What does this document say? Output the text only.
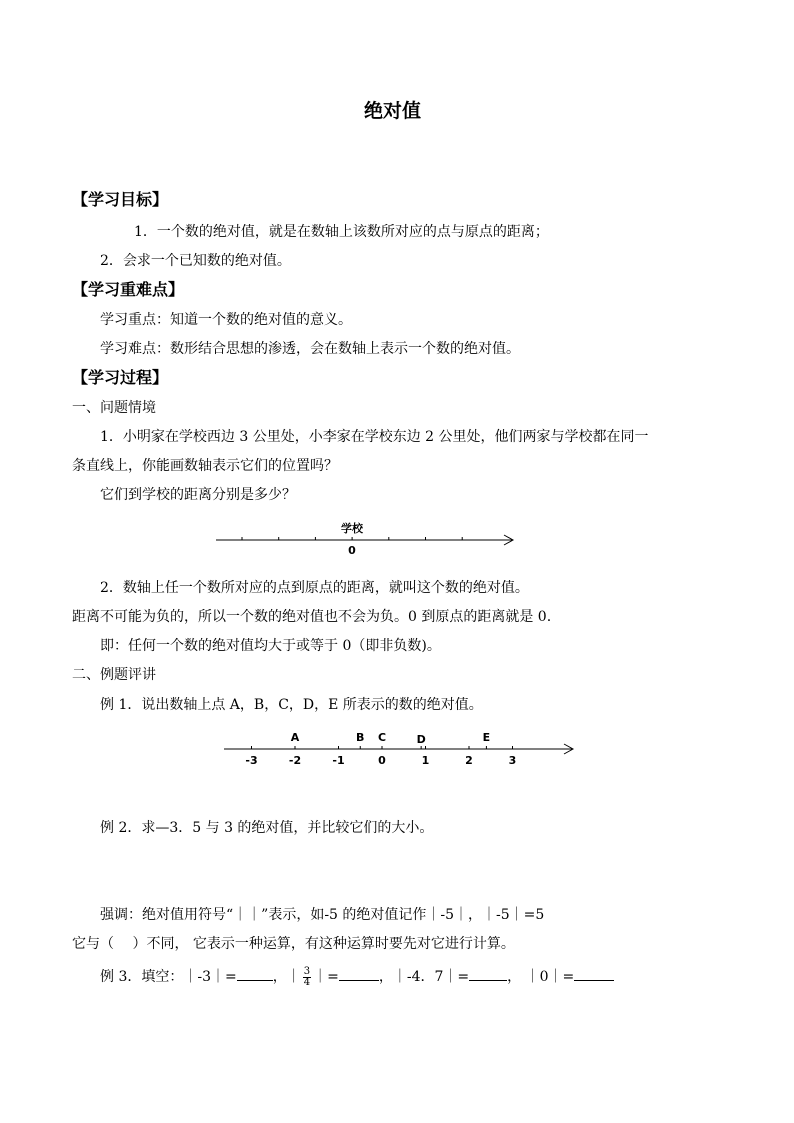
绝对值
【学习目标】
1．一个数的绝对值，就是在数轴上该数所对应的点与原点的距离；
2．会求一个已知数的绝对值。
【学习重难点】
学习重点：知道一个数的绝对值的意义。
学习难点：数形结合思想的渗透，会在数轴上表示一个数的绝对值。
【学习过程】
一、问题情境
1．小明家在学校西边 3 公里处，小李家在学校东边 2 公里处，他们两家与学校都在同一
条直线上，你能画数轴表示它们的位置吗？
它们到学校的距离分别是多少？
学校
0
2．数轴上任一个数所对应的点到原点的距离，就叫这个数的绝对值。
距离不可能为负的，所以一个数的绝对值也不会为负。0 到原点的距离就是 0.
即：任何一个数的绝对值均大于或等于 0（即非负数)。
二、例题评讲
例 1．说出数轴上点 A，B，C，D，E 所表示的数的绝对值。
-3	-2	-1	0	1	2	3
A	B C	D	E
例 2．求—3．5 与 3 的绝对值，并比较它们的大小。
强调：绝对值用符号“｜｜”表示，如-5 的绝对值记作｜-5｜，｜-5｜=5
它与（　 ）不同， 它表示一种运算，有这种运算时要先对它进行计算。
例 3．填空：｜-3｜=	，｜ $\frac{3}{4}$ ｜=	，｜-4．7｜=	， ｜0｜=
